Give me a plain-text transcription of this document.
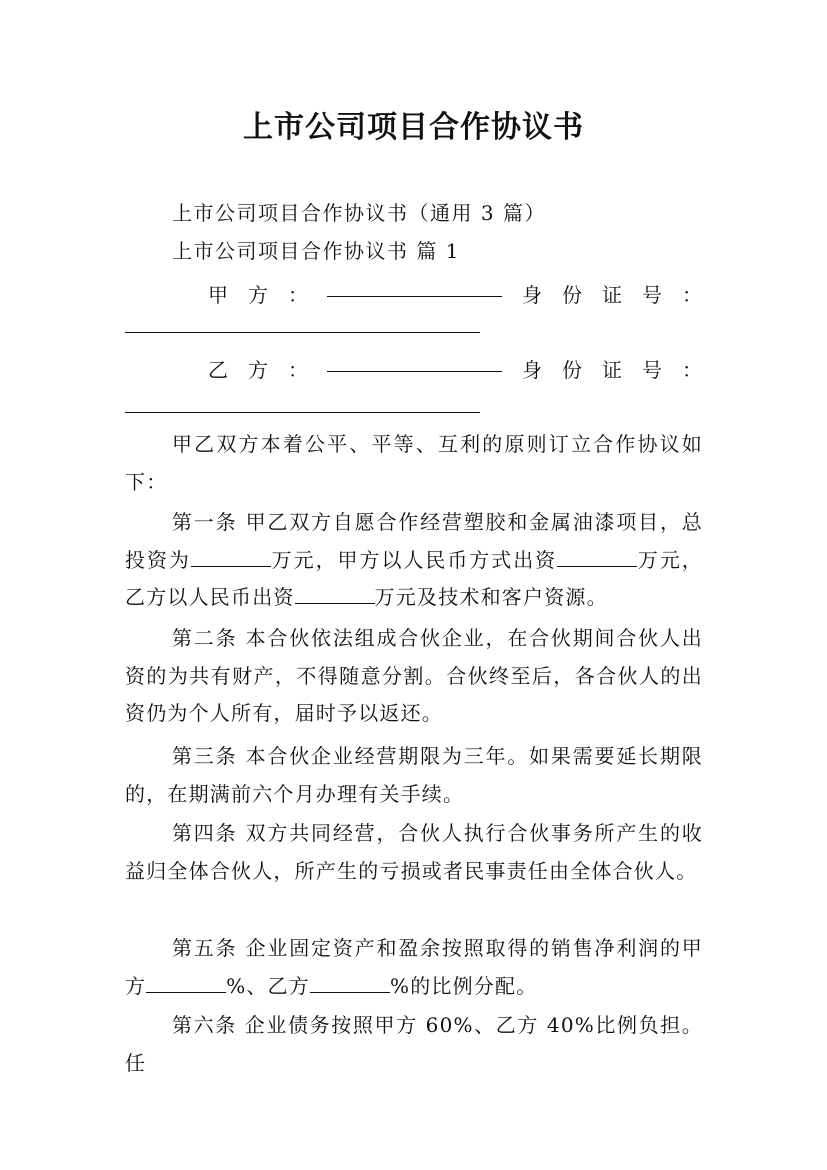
上市公司项目合作协议书
上市公司项目合作协议书（通用 3 篇）
上市公司项目合作协议书 篇 1
甲　方　：	身　份　证　号　：
乙　方　：	身　份　证　号　：
甲乙双方本着公平、平等、互利的原则订立合作协议如下：
第一条 甲乙双方自愿合作经营塑胶和金属油漆项目，总投资为	万元，甲方以人民币方式出资	万元，乙方以人民币出资	万元及技术和客户资源。
第二条 本合伙依法组成合伙企业，在合伙期间合伙人出资的为共有财产，不得随意分割。合伙终至后，各合伙人的出资仍为个人所有，届时予以返还。
第三条 本合伙企业经营期限为三年。如果需要延长期限的，在期满前六个月办理有关手续。
第四条 双方共同经营，合伙人执行合伙事务所产生的收益归全体合伙人，所产生的亏损或者民事责任由全体合伙人。
第五条 企业固定资产和盈余按照取得的销售净利润的甲方	%、乙方	%的比例分配。
第六条 企业债务按照甲方 60%、乙方 40%比例负担。任
